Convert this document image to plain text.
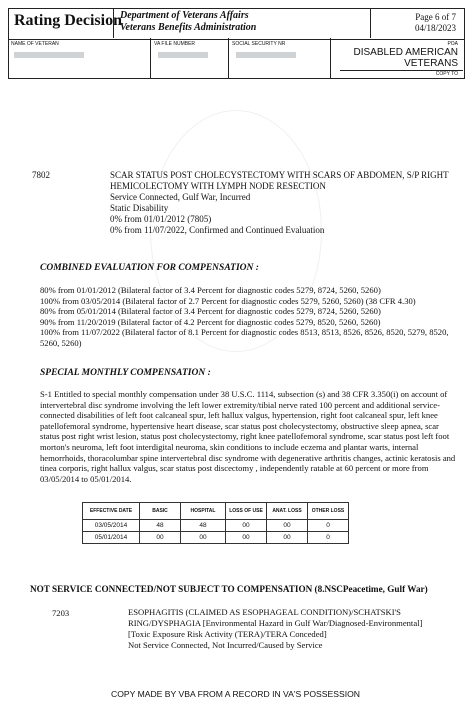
Rating Decision
Department of Veterans Affairs
Veterans Benefits Administration
Page 6 of 7
04/18/2023
NAME OF VETERAN	VA FILE NUMBER	SOCIAL SECURITY NR	POA
DISABLED AMERICAN VETERANS
COPY TO
7802	SCAR STATUS POST CHOLECYSTECTOMY WITH SCARS OF ABDOMEN, S/P RIGHT HEMICOLECTOMY WITH LYMPH NODE RESECTION
Service Connected, Gulf War, Incurred
Static Disability
0% from 01/01/2012 (7805)
0% from 11/07/2022, Confirmed and Continued Evaluation
COMBINED EVALUATION FOR COMPENSATION :
80% from 01/01/2012 (Bilateral factor of 3.4 Percent for diagnostic codes 5279, 8724, 5260, 5260)
100% from 03/05/2014 (Bilateral factor of 2.7 Percent for diagnostic codes 5279, 5260, 5260) (38 CFR 4.30)
80% from 05/01/2014 (Bilateral factor of 3.4 Percent for diagnostic codes 5279, 8724, 5260, 5260)
90% from 11/20/2019 (Bilateral factor of 4.2 Percent for diagnostic codes 5279, 8520, 5260, 5260)
100% from 11/07/2022 (Bilateral factor of 8.1 Percent for diagnostic codes 8513, 8513, 8526, 8526, 8520, 5279, 8520, 5260, 5260)
SPECIAL MONTHLY COMPENSATION :
S-1 Entitled to special monthly compensation under 38 U.S.C. 1114, subsection (s) and 38 CFR 3.350(i) on account of intervertebral disc syndrome involving the left lower extremity/tibial nerve rated 100 percent and additional service-connected disabilities of left foot calcaneal spur, left hallux valgus, hypertension, right foot calcaneal spur, left knee patellofemoral syndrome, hypertensive heart disease, scar status post cholecystectomy, obstructive sleep apnea, scar status post right wrist lesion, status post cholecystectomy, right knee patellofemoral syndrome, scar status post left foot morton's neuroma, left foot interdigital neuroma, skin conditions to include eczema and plantar warts, internal hemorrhoids, thoracolumbar spine intervertebral disc syndrome with degenerative arthritis changes, actinic keratosis and tinea corporis, right hallux valgus, scar status post discectomy , independently ratable at 60 percent or more from 03/05/2014 to 05/01/2014.
EFFECTIVE DATE	BASIC	HOSPITAL	LOSS OF USE	ANAT. LOSS	OTHER LOSS
03/05/2014	48	48	00	00	0
05/01/2014	00	00	00	00	0
NOT SERVICE CONNECTED/NOT SUBJECT TO COMPENSATION (8.NSCPeacetime, Gulf War)
7203	ESOPHAGITIS (CLAIMED AS ESOPHAGEAL CONDITION)/SCHATSKI'S RING/DYSPHAGIA [Environmental Hazard in Gulf War/Diagnosed-Environmental]
[Toxic Exposure Risk Activity (TERA)/TERA Conceded]
Not Service Connected, Not Incurred/Caused by Service
COPY MADE BY VBA FROM A RECORD IN VA'S POSSESSION
